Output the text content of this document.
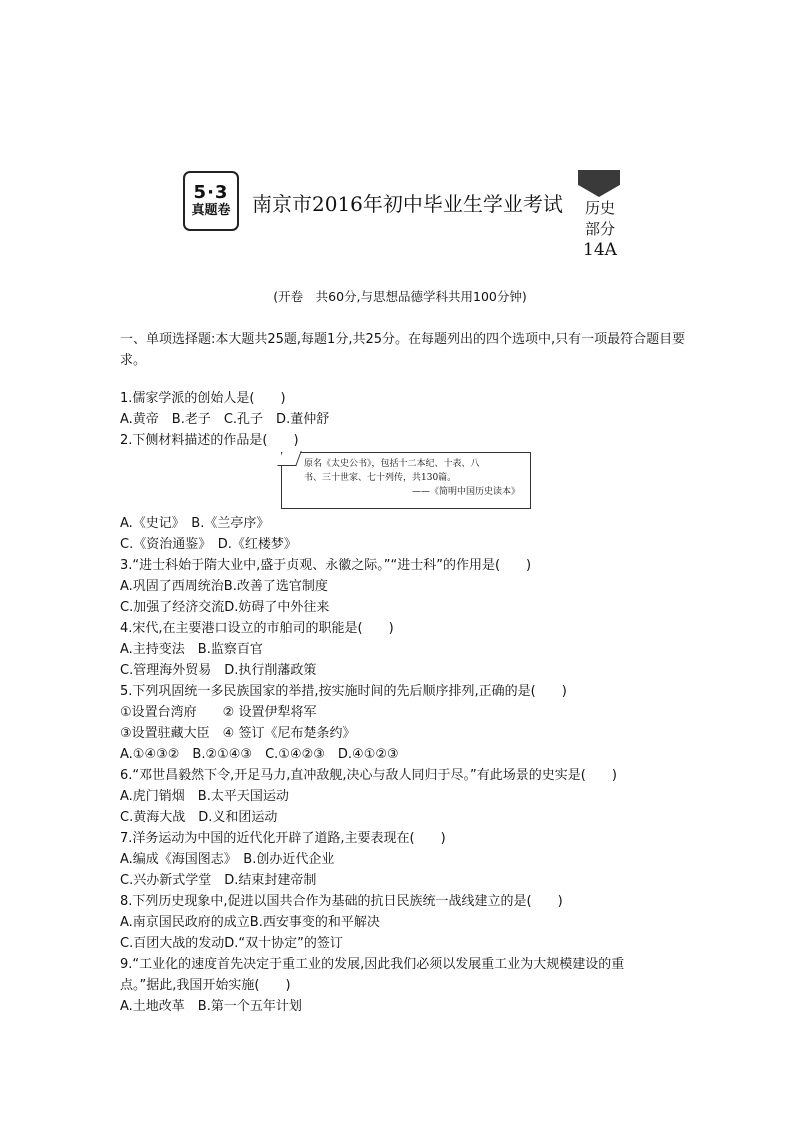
5·3
真题卷 南京市2016年初中毕业生学业考试	历史
部分
14A
(开卷　共60分,与思想品德学科共用100分钟)
一、单项选择题:本大题共25题,每题1分,共25分。在每题列出的四个选项中,只有一项最符合题目要求。
1.儒家学派的创始人是(　　)
A.黄帝　B.老子　C.孔子　D.董仲舒
2.下侧材料描述的作品是(　　)
原名《太史公书》，包括十二本纪、十表、八
书、三十世家、七十列传，共130篇。
——《简明中国历史读本》
A.《史记》　B.《兰亭序》
C.《资治通鉴》　D.《红楼梦》
3.“进士科始于隋大业中,盛于贞观、永徽之际。”“进士科”的作用是(　　)
A.巩固了西周统治B.改善了选官制度
C.加强了经济交流D.妨碍了中外往来
4.宋代,在主要港口设立的市舶司的职能是(　　)
A.主持变法　B.监察百官
C.管理海外贸易　D.执行削藩政策
5.下列巩固统一多民族国家的举措,按实施时间的先后顺序排列,正确的是(　　)
①设置台湾府　　② 设置伊犁将军
③设置驻藏大臣　④ 签订《尼布楚条约》
A.①④③②　B.②①④③　C.①④②③　D.④①②③
6.“邓世昌毅然下令,开足马力,直冲敌舰,决心与敌人同归于尽。”有此场景的史实是(　　)
A.虎门销烟　B.太平天国运动
C.黄海大战　D.义和团运动
7.洋务运动为中国的近代化开辟了道路,主要表现在(　　)
A.编成《海国图志》　B.创办近代企业
C.兴办新式学堂　D.结束封建帝制
8.下列历史现象中,促进以国共合作为基础的抗日民族统一战线建立的是(　　)
A.南京国民政府的成立B.西安事变的和平解决
C.百团大战的发动D.“双十协定”的签订
9.“工业化的速度首先决定于重工业的发展,因此我们必须以发展重工业为大规模建设的重
点。”据此,我国开始实施(　　)
A.土地改革　B.第一个五年计划
